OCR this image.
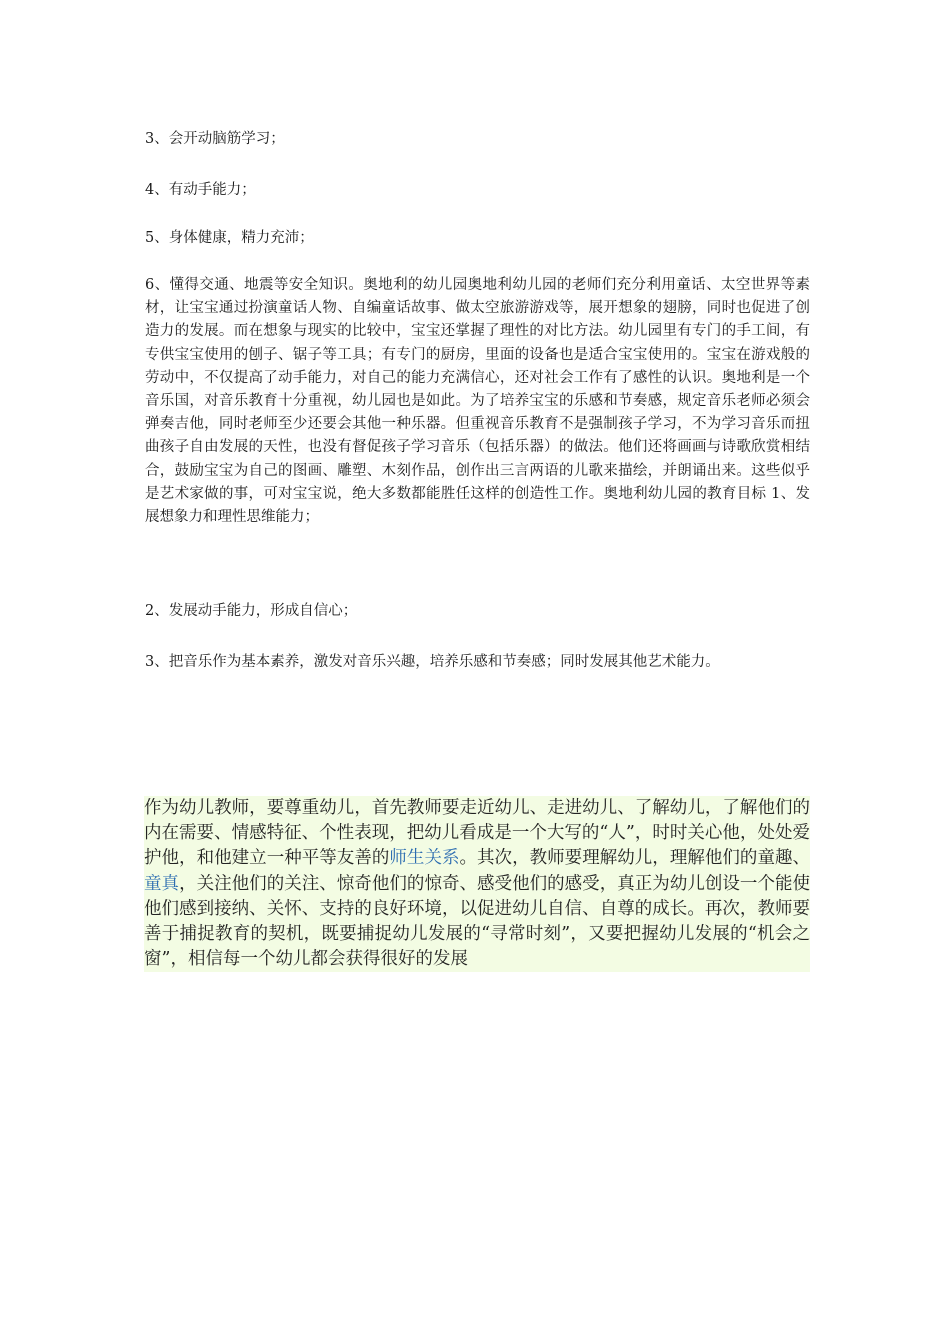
3、会开动脑筋学习；
4、有动手能力；
5、身体健康，精力充沛；
6、懂得交通、地震等安全知识。奥地利的幼儿园奥地利幼儿园的老师们充分利用童话、太空世界等素材，让宝宝通过扮演童话人物、自编童话故事、做太空旅游游戏等，展开想象的翅膀，同时也促进了创造力的发展。而在想象与现实的比较中，宝宝还掌握了理性的对比方法。幼儿园里有专门的手工间，有专供宝宝使用的刨子、锯子等工具；有专门的厨房，里面的设备也是适合宝宝使用的。宝宝在游戏般的劳动中，不仅提高了动手能力，对自己的能力充满信心，还对社会工作有了感性的认识。奥地利是一个音乐国，对音乐教育十分重视，幼儿园也是如此。为了培养宝宝的乐感和节奏感，规定音乐老师必须会弹奏吉他，同时老师至少还要会其他一种乐器。但重视音乐教育不是强制孩子学习，不为学习音乐而扭曲孩子自由发展的天性，也没有督促孩子学习音乐（包括乐器）的做法。他们还将画画与诗歌欣赏相结合，鼓励宝宝为自己的图画、雕塑、木刻作品，创作出三言两语的儿歌来描绘，并朗诵出来。这些似乎是艺术家做的事，可对宝宝说，绝大多数都能胜任这样的创造性工作。奥地利幼儿园的教育目标 1、发展想象力和理性思维能力；
2、发展动手能力，形成自信心；
3、把音乐作为基本素养，激发对音乐兴趣，培养乐感和节奏感；同时发展其他艺术能力。
作为幼儿教师，要尊重幼儿，首先教师要走近幼儿、走进幼儿、了解幼儿，了解他们的内在需要、情感特征、个性表现，把幼儿看成是一个大写的“人”，时时关心他，处处爱护他，和他建立一种平等友善的师生关系。其次，教师要理解幼儿，理解他们的童趣、童真，关注他们的关注、惊奇他们的惊奇、感受他们的感受，真正为幼儿创设一个能使他们感到接纳、关怀、支持的良好环境，以促进幼儿自信、自尊的成长。再次，教师要善于捕捉教育的契机，既要捕捉幼儿发展的“寻常时刻”，又要把握幼儿发展的“机会之窗”，相信每一个幼儿都会获得很好的发展
